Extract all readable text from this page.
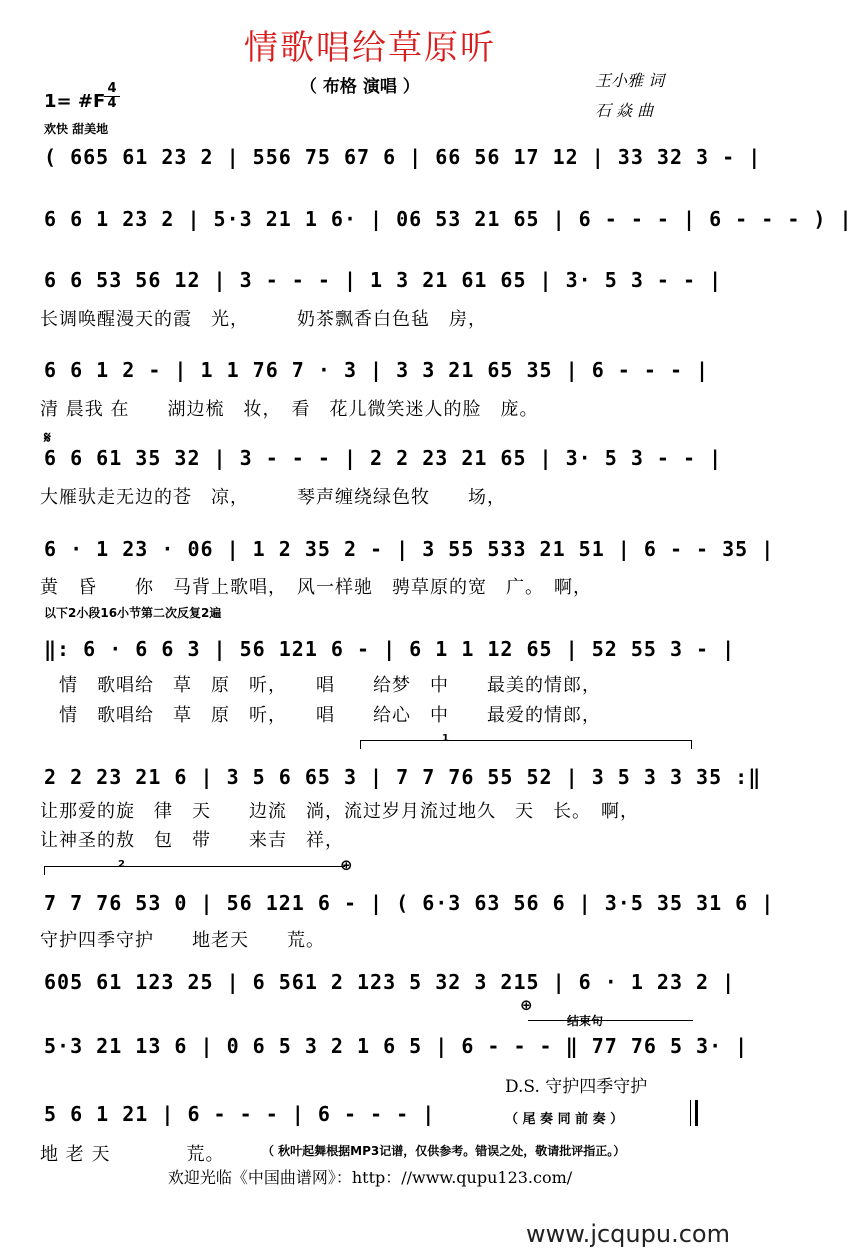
情歌唱给草原听
（ 布格 演唱 ）	王小雅 词
石 焱 曲
1= #F
4
4
欢快 甜美地
( 665 61 23 2 | 556 75 67 6 | 66 56 17 12 | 33 32 3 - |
6 6 1 23 2 | 5·3 21 1 6· | 06 53 21 65 | 6 - - - | 6 - - - ) |
6 6 53 56 12 | 3 - - - | 1 3 21 61 65 | 3· 5 3 - - |
长调唤醒漫天的霞　光，　　　奶茶飘香白色毡　房，
6 6 1 2 - | 1 1 76 7 · 3 | 3 3 21 65 35 | 6 - - - |
清 晨我 在　　湖边梳　妆，　看　花儿微笑迷人的脸　庞。
𝄋
6 6 61 35 32 | 3 - - - | 2 2 23 21 65 | 3· 5 3 - - |
大雁驮走无边的苍　凉，　　　琴声缠绕绿色牧　　场，
6 · 1 23 · 06 | 1 2 35 2 - | 3 55 533 21 51 | 6 - - 35 |
黄　昏　　你　马背上歌唱，　风一样驰　骋草原的宽　广。　啊，
以下2小段16小节第二次反复2遍
‖: 6 · 6 6 3 | 56 121 6 - | 6 1 1 12 65 | 52 55 3 - |
　情　歌唱给　草　原　听，　　唱　　给梦　中　　最美的情郎，
　情　歌唱给　草　原　听，　　唱　　给心　中　　最爱的情郎，
1
2 2 23 21 6 | 3 5 6 65 3 | 7 7 76 55 52 | 3 5 3 3 35 :‖
让那爱的旋　律　天　　边流　淌，流过岁月流过地久　天　长。　啊，
让神圣的敖　包　带　　来吉　祥，
2	⊕
7 7 76 53 0 | 56 121 6 - | ( 6·3 63 56 6 | 3·5 35 31 6 |
守护四季守护　　地老天　　荒。
605 61 123 25 | 6 561 2 123 5 32 3 215 | 6 · 1 23 2 |
⊕
结束句
5·3 21 13 6 | 0 6 5 3 2 1 6 5 | 6 - - - ‖ 77 76 5 3· |
D.S. 守护四季守护
5 6 1 21 | 6 - - - | 6 - - - |	（ 尾 奏 同 前 奏 ）
地 老 天　　　　荒。	（ 秋叶起舞根据MP3记谱，仅供参考。错误之处，敬请批评指正。）
欢迎光临《中国曲谱网》：http：//www.qupu123.com/
www.jcqupu.com
